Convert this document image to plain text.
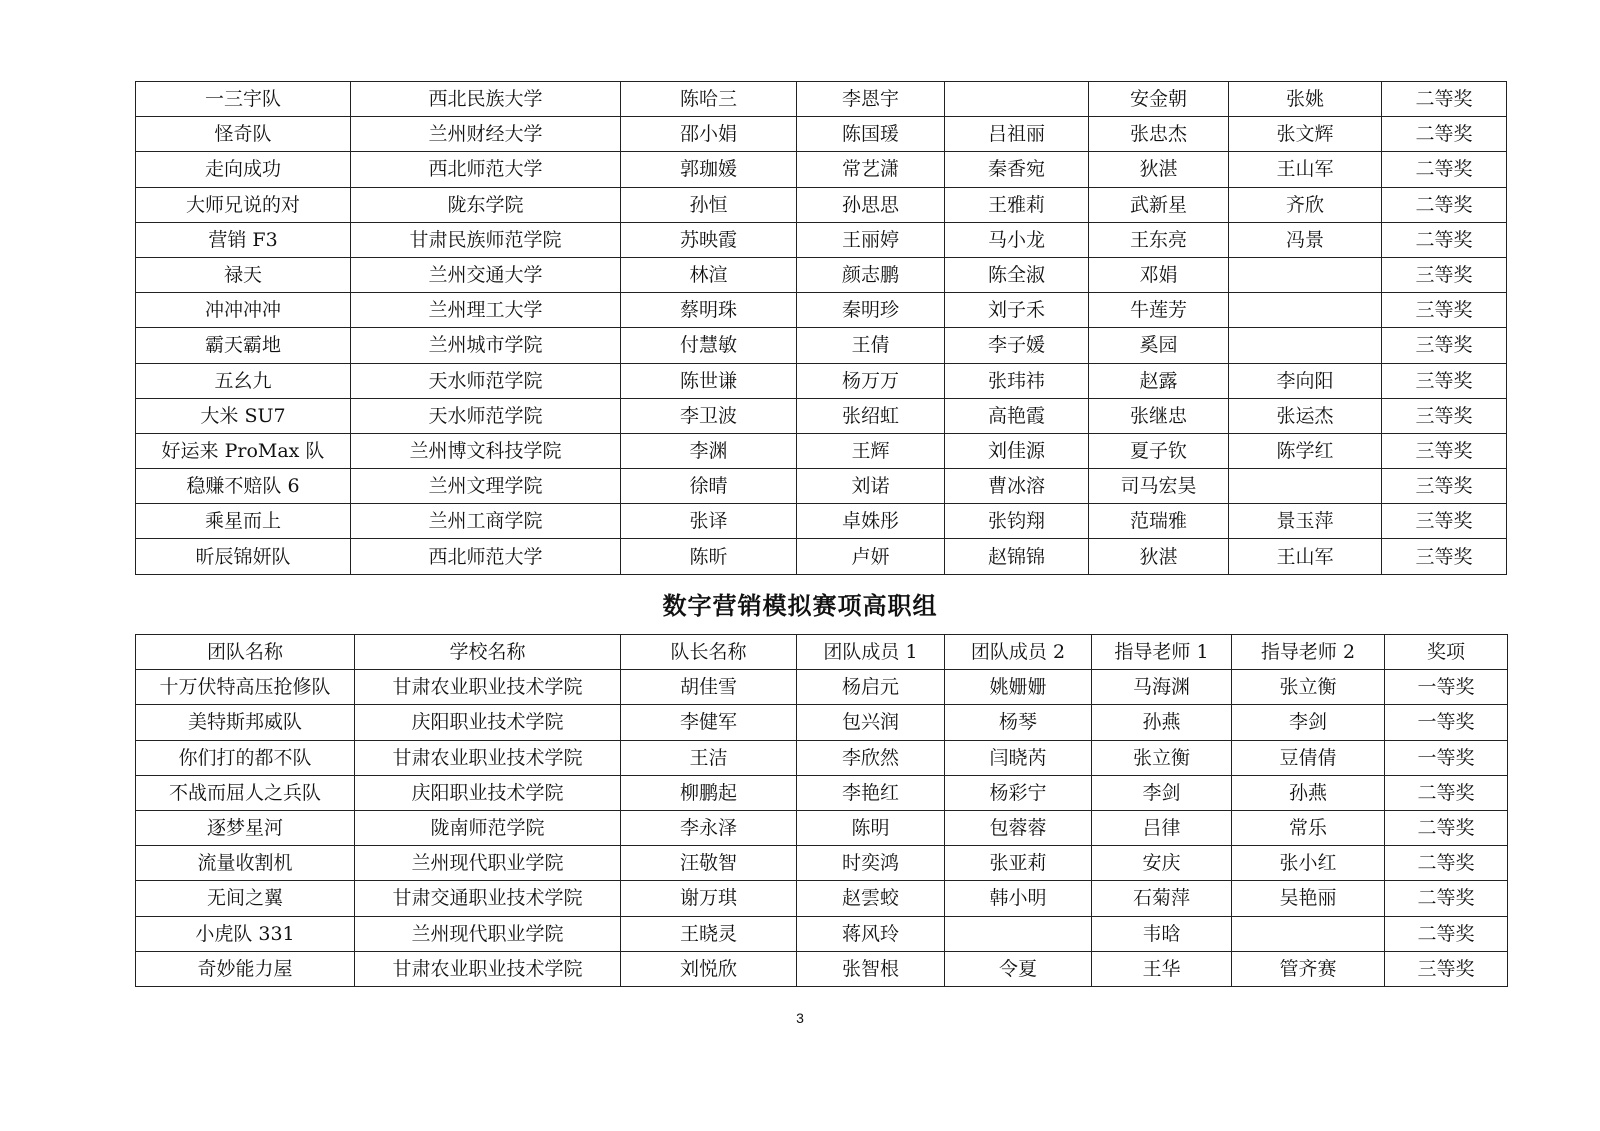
一三宇队	西北民族大学	陈哈三	李恩宇		安金朝	张姚	二等奖
怪奇队	兰州财经大学	邵小娟	陈国瑗	吕祖丽	张忠杰	张文辉	二等奖
走向成功	西北师范大学	郭珈媛	常艺潇	秦香宛	狄湛	王山军	二等奖
大师兄说的对	陇东学院	孙恒	孙思思	王雅莉	武新星	齐欣	二等奖
营销 F3	甘肃民族师范学院	苏映霞	王丽婷	马小龙	王东亮	冯景	二等奖
禄天	兰州交通大学	林渲	颜志鹏	陈全淑	邓娟		三等奖
冲冲冲冲	兰州理工大学	蔡明珠	秦明珍	刘子禾	牛莲芳		三等奖
霸天霸地	兰州城市学院	付慧敏	王倩	李子媛	奚园		三等奖
五幺九	天水师范学院	陈世谦	杨万万	张玮祎	赵露	李向阳	三等奖
大米 SU7	天水师范学院	李卫波	张绍虹	高艳霞	张继忠	张运杰	三等奖
好运来 ProMax 队	兰州博文科技学院	李渊	王辉	刘佳源	夏子钦	陈学红	三等奖
稳赚不赔队 6	兰州文理学院	徐晴	刘诺	曹冰溶	司马宏昊		三等奖
乘星而上	兰州工商学院	张译	卓姝彤	张钧翔	范瑞雅	景玉萍	三等奖
昕辰锦妍队	西北师范大学	陈昕	卢妍	赵锦锦	狄湛	王山军	三等奖
数字营销模拟赛项高职组
团队名称	学校名称	队长名称	团队成员 1	团队成员 2	指导老师 1	指导老师 2	奖项
十万伏特高压抢修队	甘肃农业职业技术学院	胡佳雪	杨启元	姚姗姗	马海渊	张立衡	一等奖
美特斯邦威队	庆阳职业技术学院	李健军	包兴润	杨琴	孙燕	李剑	一等奖
你们打的都不队	甘肃农业职业技术学院	王洁	李欣然	闫晓芮	张立衡	豆倩倩	一等奖
不战而屈人之兵队	庆阳职业技术学院	柳鹏起	李艳红	杨彩宁	李剑	孙燕	二等奖
逐梦星河	陇南师范学院	李永泽	陈明	包蓉蓉	吕律	常乐	二等奖
流量收割机	兰州现代职业学院	汪敬智	时奕鸿	张亚莉	安庆	张小红	二等奖
无间之翼	甘肃交通职业技术学院	谢万琪	赵雲蛟	韩小明	石菊萍	吴艳丽	二等奖
小虎队 331	兰州现代职业学院	王晓灵	蒋风玲		韦晗		二等奖
奇妙能力屋	甘肃农业职业技术学院	刘悦欣	张智根	令夏	王华	管齐赛	三等奖
3
